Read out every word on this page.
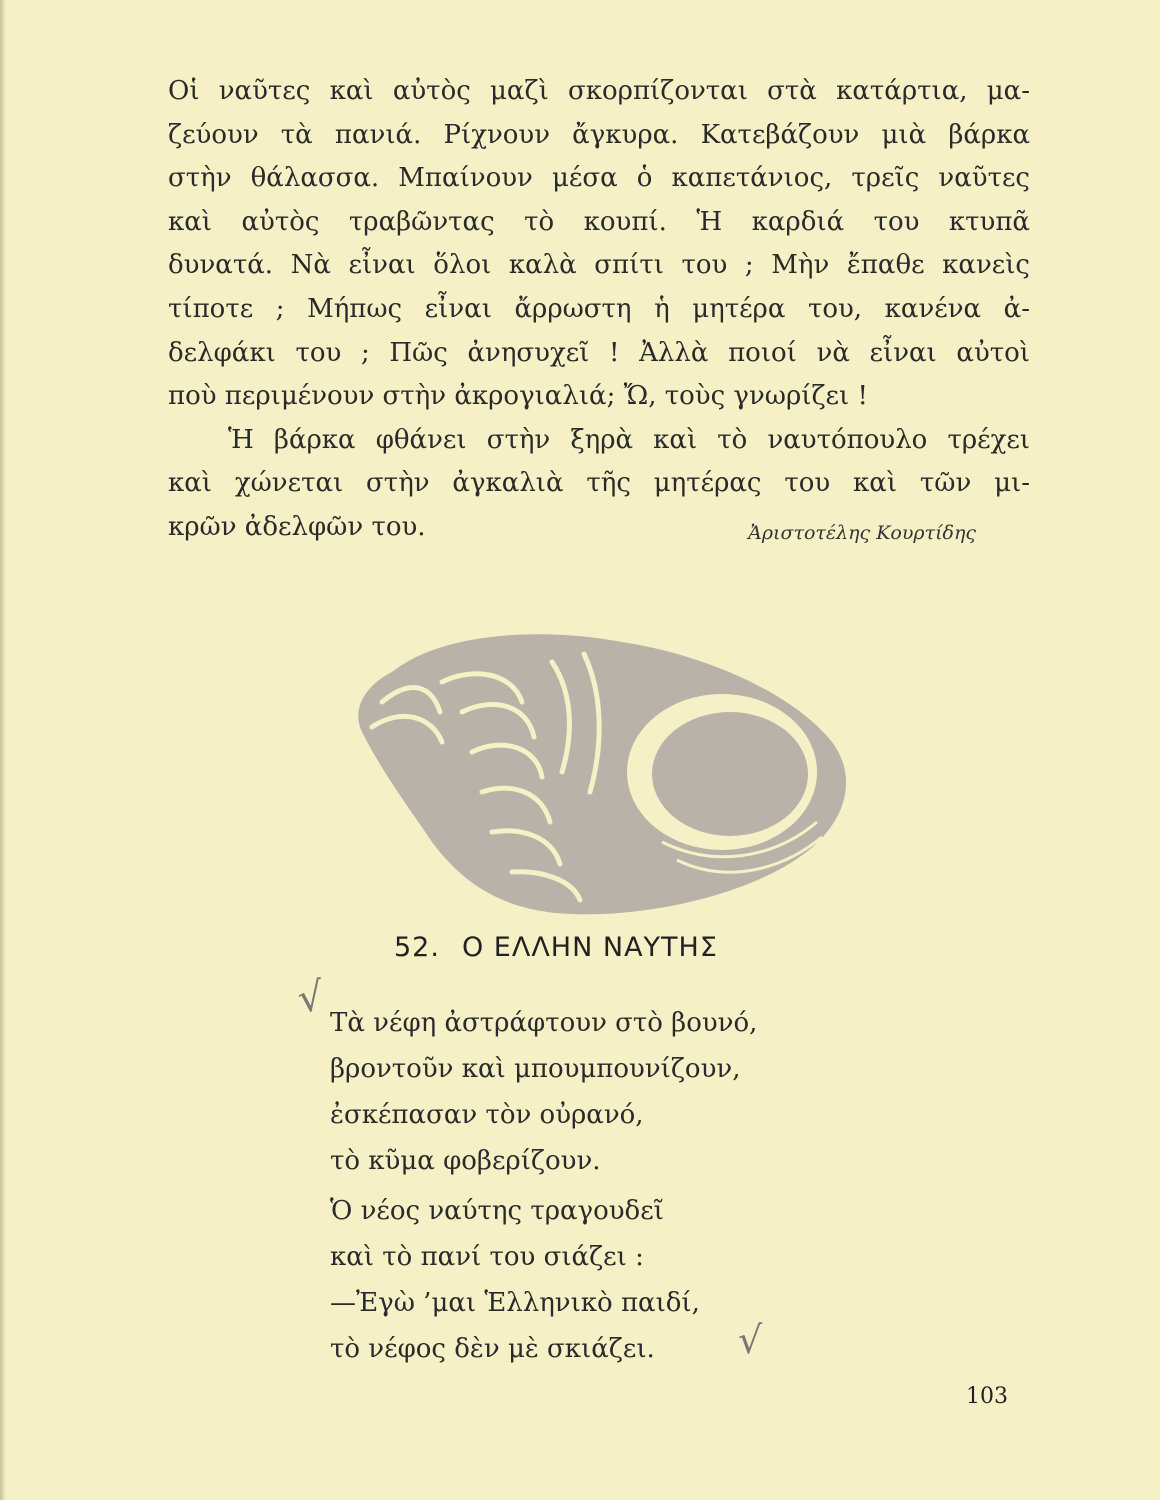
Οἱ ναῦτες καὶ αὐτὸς μαζὶ σκορπίζονται στὰ κατάρτια, μα-
ζεύουν τὰ πανιά. Ρίχνουν ἄγκυρα. Κατεβάζουν μιὰ βάρκα
στὴν θάλασσα. Μπαίνουν μέσα ὁ καπετάνιος, τρεῖς ναῦτες
καὶ αὐτὸς τραβῶντας τὸ κουπί. Ἡ καρδιά του κτυπᾶ
δυνατά. Νὰ εἶναι ὅλοι καλὰ σπίτι του ; Μὴν ἔπαθε κανεὶς
τίποτε ; Μήπως εἶναι ἄρρωστη ἡ μητέρα του, κανένα ἀ-
δελφάκι του ; Πῶς ἀνησυχεῖ ! Ἀλλὰ ποιοί νὰ εἶναι αὐτοὶ
ποὺ περιμένουν στὴν ἀκρογιαλιά; Ὤ, τοὺς γνωρίζει !
Ἡ βάρκα φθάνει στὴν ξηρὰ καὶ τὸ ναυτόπουλο τρέχει
καὶ χώνεται στὴν ἀγκαλιὰ τῆς μητέρας του καὶ τῶν μι-
κρῶν ἀδελφῶν του.	Ἀριστοτέλης Κουρτίδης
52. Ο ΕΛΛΗΝ ΝΑΥΤΗΣ
√
Τὰ νέφη ἀστράφτουν στὸ βουνό,
βροντοῦν καὶ μπουμπουνίζουν,
ἐσκέπασαν τὸν οὐρανό,
τὸ κῦμα φοβερίζουν.
Ὁ νέος ναύτης τραγουδεῖ
καὶ τὸ πανί του σιάζει :
—Ἐγὼ ’μαι Ἑλληνικὸ παιδί,
τὸ νέφος δὲν μὲ σκιάζει.	√
103
